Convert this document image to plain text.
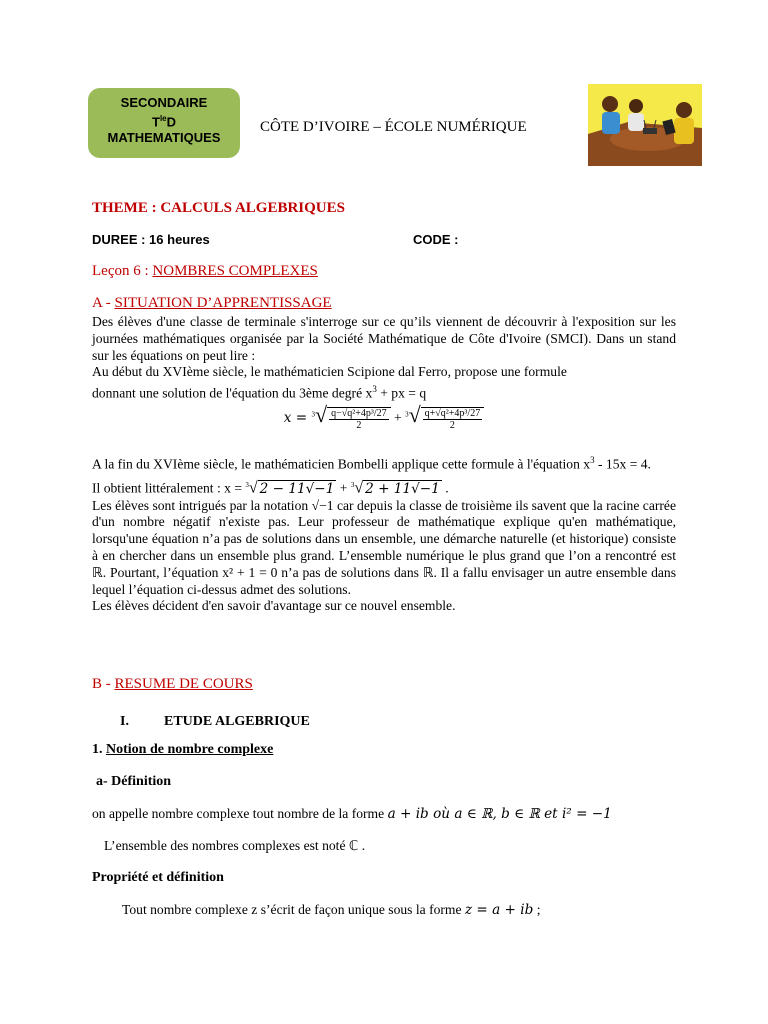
SECONDAIRE
$T^{le}D$
MATHEMATIQUES
CÔTE D’IVOIRE – ÉCOLE NUMÉRIQUE
THEME : CALCULS ALGEBRIQUES
DUREE : 16 heures	CODE :
Leçon 6 : NOMBRES COMPLEXES
A - SITUATION D’APPRENTISSAGE

Des élèves d'une classe de terminale s'interroge sur ce qu’ils viennent de découvrir à l'exposition sur les journées mathématiques organisée par la Société Mathématique de Côte d'Ivoire (SMCI). Dans un stand sur les équations on peut lire :

Au début du XVIème siècle, le mathématicien Scipione dal Ferro, propose une formule

donnant une solution de l'équation du 3ème degré $x^3$ + px = q

$x = ^3√ \frac{\text{q−√q²+4p³/27}}{2} + ^3√ \frac{\text{q+√q²+4p³/27}}{2}$

A la fin du XVIème siècle, le mathématicien Bombelli applique cette formule à l'équation $x^3 - 15x = 4$.

Il obtient littéralement : x = $^3$√ 2 − 11√−1 + $^3$√ 2 + 11√−1 .

Les élèves sont intrigués par la notation √−1 car depuis la classe de troisième ils savent que la racine carrée d'un nombre négatif n'existe pas. Leur professeur de mathématique explique qu'en mathématique, lorsqu'une équation n’a pas de solutions dans un ensemble, une démarche naturelle (et historique) consiste à en chercher dans un ensemble plus grand. L’ensemble numérique le plus grand que l’on a rencontré est ℝ. Pourtant, l’équation x² + 1 = 0 n’a pas de solutions dans ℝ. Il a fallu envisager un autre ensemble dans lequel l’équation ci-dessus admet des solutions.

Les élèves décident d'en savoir d'avantage sur ce nouvel ensemble.

B - RESUME DE COURS
I.	ETUDE ALGEBRIQUE
1. Notion de nombre complexe
a- Définition
on appelle nombre complexe tout nombre de la forme a + ib où a ∈ ℝ, b ∈ ℝ et i² = −1
L’ensemble des nombres complexes est noté ℂ .
Propriété et définition
Tout nombre complexe z s’écrit de façon unique sous la forme z = a + ib ;
